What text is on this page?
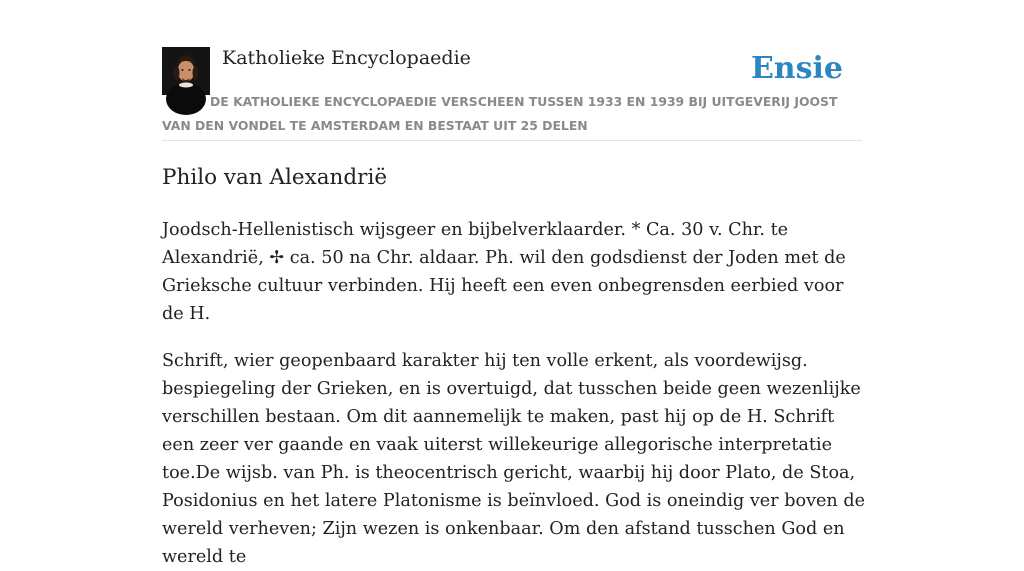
Katholieke Encyclopaedie	Ensie
DE KATHOLIEKE ENCYCLOPAEDIE VERSCHEEN TUSSEN 1933 EN 1939 BIJ UITGEVERIJ JOOST VAN DEN VONDEL TE AMSTERDAM EN BESTAAT UIT 25 DELEN
Philo van Alexandrië

Joodsch-Hellenistisch wijsgeer en bijbelverklaarder. * Ca. 30 v. Chr. te Alexandrië, ✢ ca. 50 na Chr. aldaar. Ph. wil den godsdienst der Joden met de Grieksche cultuur verbinden. Hij heeft een even onbegrensden eerbied voor de H.

Schrift, wier geopenbaard karakter hij ten volle erkent, als voordewijsg. bespiegeling der Grieken, en is overtuigd, dat tusschen beide geen wezenlijke verschillen bestaan. Om dit aannemelijk te maken, past hij op de H. Schrift een zeer ver gaande en vaak uiterst willekeurige allegorische interpretatie toe.De wijsb. van Ph. is theocentrisch gericht, waarbij hij door Plato, de Stoa, Posidonius en het latere Platonisme is beïnvloed. God is oneindig ver boven de wereld verheven; Zijn wezen is onkenbaar. Om den afstand tusschen God en wereld te
